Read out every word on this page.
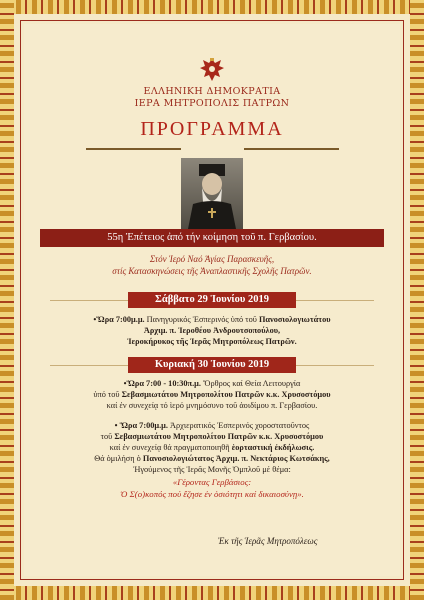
ΕΛΛΗΝΙΚΗ ΔΗΜΟΚΡΑΤΙΑ
ΙΕΡΑ ΜΗΤΡΟΠΟΛΙΣ ΠΑΤΡΩΝ
ΠΡΟΓΡΑΜΜΑ
55η Ἐπέτειος ἀπό τήν κοίμηση τοῦ π. Γερβασίου.
Στόν Ἱερό Ναό Ἁγίας Παρασκευῆς,
στίς Κατασκηνώσεις τῆς Ἀναπλαστικῆς Σχολῆς Πατρῶν.
Σάββατο 29 Ἰουνίου 2019
•Ὥρα 7:00μ.μ. Πανηγυρικός Ἑσπερινός ὑπό τοῦ Πανοσιολογιωτάτου
Ἀρχιμ. π. Ἱεροθέου Ἀνδρουτσοπούλου,
Ἱεροκήρυκος τῆς Ἱερᾶς Μητροπόλεως Πατρῶν.
Κυριακή 30 Ἰουνίου 2019
•Ὥρα 7:00 - 10:30π.μ. Ὄρθρος καί Θεία Λειτουργία
ὑπό τοῦ Σεβασμιωτάτου Μητροπολίτου Πατρῶν κ.κ. Χρυσοστόμου
καί ἐν συνεχείᾳ τό ἱερό μνημόσυνο τοῦ ἀοιδίμου π. Γερβασίου.
• Ὥρα 7:00μ.μ. Ἀρχιερατικός Ἑσπερινός χοροστατοῦντος
τοῦ Σεβασμιωτάτου Μητροπολίτου Πατρῶν κ.κ. Χρυσοστόμου
καί ἐν συνεχείᾳ θά πραγματοποιηθῆ ἑορταστική ἐκδήλωσις.
Θά ὁμιλήση ὁ Πανοσιολογιώτατος Ἀρχιμ. π. Νεκτάριος Κωτσάκης,
Ἡγούμενος τῆς Ἱερᾶς Μονῆς Ὀμπλοῦ μέ θέμα:
«Γέροντας Γερβάσιος:
Ὁ Σ(ο)κοπός πού ἔζησε ἐν ὁσιότητι καί δικαιοσύνῃ».
Ἐκ τῆς Ἱερᾶς Μητροπόλεως
